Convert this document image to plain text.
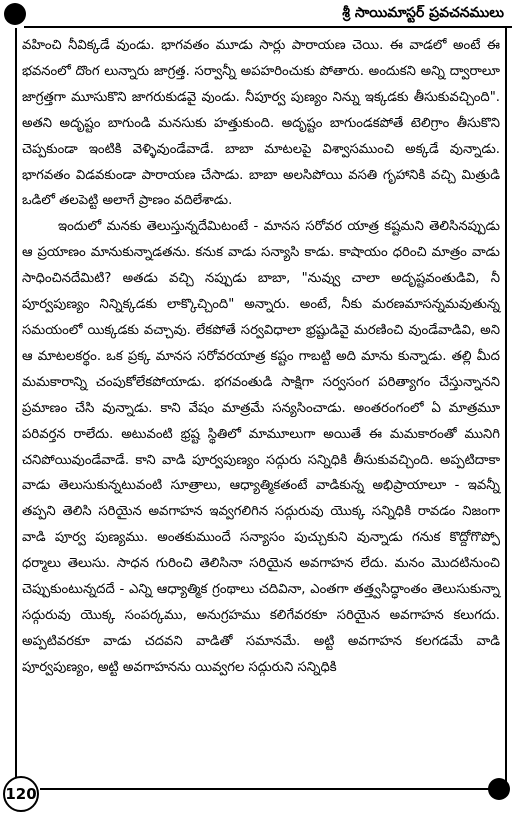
శ్రీ సాయిమాస్టర్ ప్రవచనములు

వహించి నీవిక్కడే వుండు. భాగవతం మూడు సార్లు పారాయణ చెయి. ఈ వాడలో అంటే ఈ భవనంలో దొంగ లున్నారు జాగ్రత్త. సర్వాన్నీ అపహరించుకు పోతారు. అందుకని అన్ని ద్వారాలూ జాగ్రత్తగా మూసుకొని జాగరుకుడవై వుండు. నీపూర్వ పుణ్యం నిన్ను ఇక్కడకు తీసుకువచ్చింది". అతని అదృష్టం బాగుండి మనసుకు హత్తుకుంది. అదృష్టం బాగుండకపోతే టెలిగ్రాం తీసుకొని చెప్పకుండా ఇంటికి వెళ్ళివుండేవాడే. బాబా మాటలపై విశ్వాసముంచి అక్కడే వున్నాడు. భాగవతం విడవకుండా పారాయణ చేసాడు. బాబా అలసిపోయి వసతి గృహానికి వచ్చి మిత్రుడి ఒడిలో తలపెట్టి అలాగే ప్రాణం వదిలేశాడు.

ఇందులో మనకు తెలుస్తున్నదేమిటంటే - మానస సరోవర యాత్ర కష్టమని తెలిసినప్పుడు ఆ ప్రయాణం మానుకున్నాడతను. కనుక వాడు సన్యాసి కాడు. కాషాయం ధరించి మాత్రం వాడు సాధించినదేమిటి? అతడు వచ్చి నప్పుడు బాబా, "నువ్వు చాలా అదృష్టవంతుడివి, నీ పూర్వపుణ్యం నిన్నిక్కడకు లాక్కొచ్చింది" అన్నారు. అంటే, నీకు మరణమాసన్నమవుతున్న సమయంలో యిక్కడకు వచ్చావు. లేకపోతే సర్వవిధాలా భ్రష్టుడివై మరణించి వుండేవాడివి, అని ఆ మాటలకర్థం. ఒక ప్రక్క మానస సరోవరయాత్ర కష్టం గాబట్టి అది మాను కున్నాడు. తల్లి మీద మమకారాన్ని చంపుకోలేకపోయాడు. భగవంతుడి సాక్షిగా సర్వసంగ పరిత్యాగం చేస్తున్నానని ప్రమాణం చేసి వున్నాడు. కాని వేషం మాత్రమే సన్యసించాడు. అంతరంగంలో ఏ మాత్రమూ పరివర్తన రాలేదు. అటువంటి భ్రష్ట స్థితిలో మామూలుగా అయితే ఈ మమకారంతో మునిగి చనిపోయివుండేవాడే. కాని వాడి పూర్వపుణ్యం సద్గురు సన్నిధికి తీసుకువచ్చింది. అప్పటిదాకా వాడు తెలుసుకున్నటువంటి సూత్రాలు, ఆధ్యాత్మికతంటే వాడికున్న అభిప్రాయాలూ - ఇవన్నీ తప్పని తెలిసి సరియైన అవగాహన ఇవ్వగలిగిన సద్గురువు యొక్క సన్నిధికి రావడం నిజంగా వాడి పూర్వ పుణ్యము. అంతకుముందే సన్యాసం పుచ్చుకుని వున్నాడు గనుక కొద్దోగొప్పో ధర్మాలు తెలుసు. సాధన గురించి తెలిసినా సరియైన అవగాహన లేదు. మనం మొదటినుంచి చెప్పుకుంటున్నదదే - ఎన్ని ఆధ్యాత్మిక గ్రంథాలు చదివినా, ఎంతగా తత్త్వసిద్ధాంతం తెలుసుకున్నా సద్గురువు యొక్క సంపర్కము, అనుగ్రహము కలిగేవరకూ సరియైన అవగాహన కలుగదు. అప్పటివరకూ వాడు చదవని వాడితో సమానమే. అట్టి అవగాహన కలగడమే వాడి పూర్వపుణ్యం, అట్టి అవగాహనను యివ్వగల సద్గురుని సన్నిధికి

120
